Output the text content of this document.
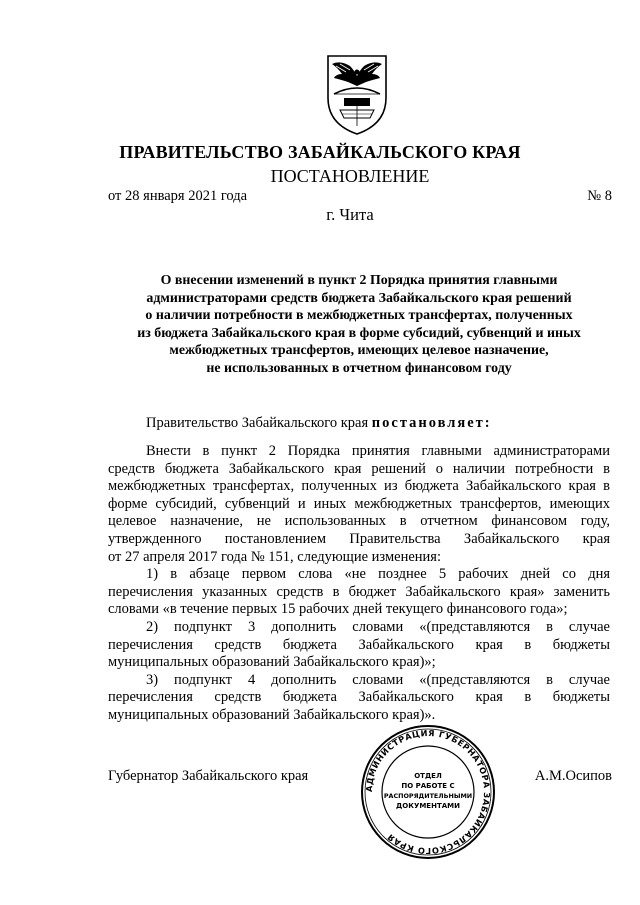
ПРАВИТЕЛЬСТВО ЗАБАЙКАЛЬСКОГО КРАЯ
ПОСТАНОВЛЕНИЕ
от 28 января 2021 года	№ 8
г. Чита
О внесении изменений в пункт 2 Порядка принятия главными
администраторами средств бюджета Забайкальского края решений
о наличии потребности в межбюджетных трансфертах, полученных
из бюджета Забайкальского края в форме субсидий, субвенций и иных
межбюджетных трансфертов, имеющих целевое назначение,
не использованных в отчетном финансовом году
Правительство Забайкальского края постановляет:
Внести в пункт 2 Порядка принятия главными администраторами
средств бюджета Забайкальского края решений о наличии потребности в
межбюджетных трансфертах, полученных из бюджета Забайкальского края в
форме субсидий, субвенций и иных межбюджетных трансфертов, имеющих
целевое назначение, не использованных в отчетном финансовом году,
утвержденного постановлением Правительства Забайкальского края
от 27 апреля 2017 года № 151, следующие изменения:
1) в абзаце первом слова «не позднее 5 рабочих дней со дня
перечисления указанных средств в бюджет Забайкальского края» заменить
словами «в течение первых 15 рабочих дней текущего финансового года»;
2) подпункт 3 дополнить словами «(представляются в случае
перечисления средств бюджета Забайкальского края в бюджеты
муниципальных образований Забайкальского края)»;
3) подпункт 4 дополнить словами «(представляются в случае
перечисления средств бюджета Забайкальского края в бюджеты
муниципальных образований Забайкальского края)».
АДМИНИСТРАЦИЯ ГУБЕРНАТОРА ЗАБАЙКАЛЬСКОГО КРАЯ
ОТДЕЛ
ПО РАБОТЕ С
РАСПОРЯДИТЕЛЬНЫМИ
ДОКУМЕНТАМИ
Губернатор Забайкальского края	А.М.Осипов
